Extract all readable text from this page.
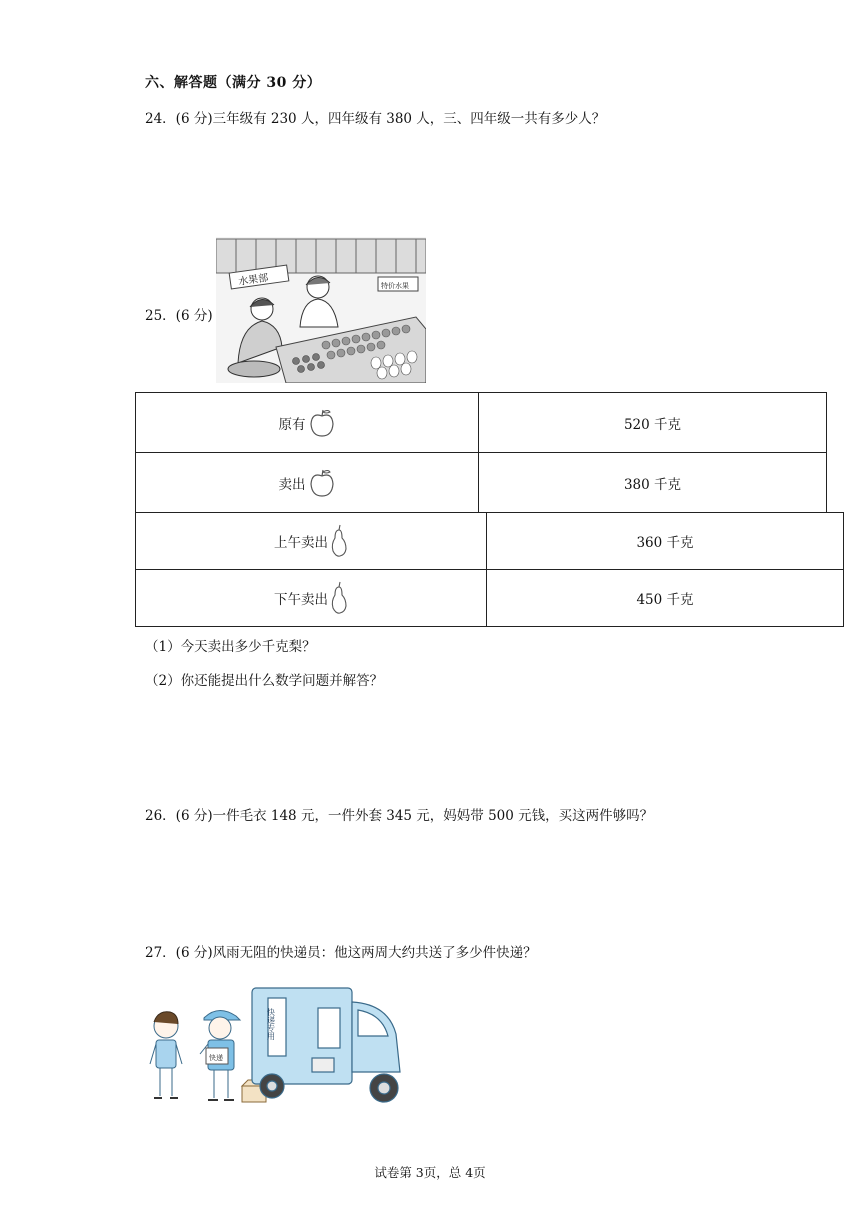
六、解答题（满分 30 分）
24．(6 分)三年级有 230 人，四年级有 380 人，三、四年级一共有多少人？
水果部	特价水果
25．(6 分)
原有	520 千克

卖出	380 千克
上午卖出	360 千克

下午卖出	450 千克
（1）今天卖出多少千克梨？
（2）你还能提出什么数学问题并解答？
26．(6 分)一件毛衣 148 元，一件外套 345 元，妈妈带 500 元钱，买这两件够吗？
27．(6 分)风雨无阻的快递员：他这两周大约共送了多少件快递？
快递
快递专用
试卷第 3页，总 4页
